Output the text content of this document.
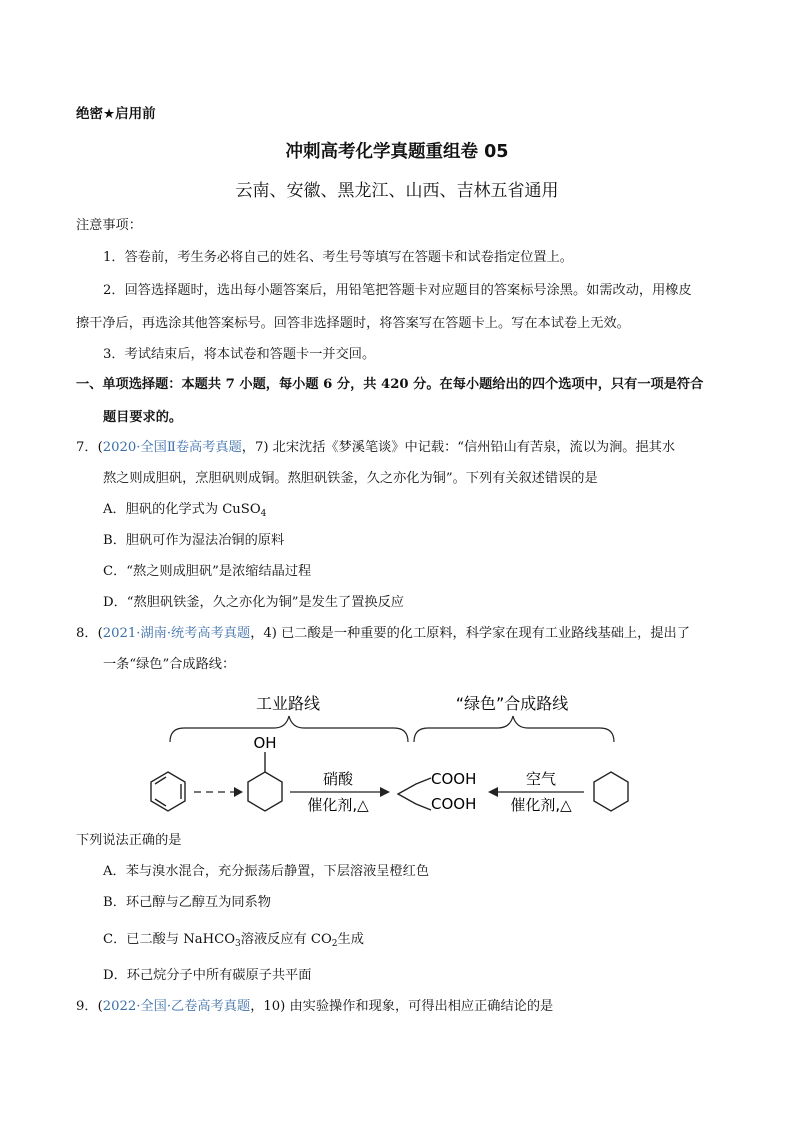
绝密★启用前
冲刺高考化学真题重组卷 05
云南、安徽、黑龙江、山西、吉林五省通用
注意事项：
1．答卷前，考生务必将自己的姓名、考生号等填写在答题卡和试卷指定位置上。
2．回答选择题时，选出每小题答案后，用铅笔把答题卡对应题目的答案标号涂黑。如需改动，用橡皮
擦干净后，再选涂其他答案标号。回答非选择题时，将答案写在答题卡上。写在本试卷上无效。
3．考试结束后，将本试卷和答题卡一并交回。
一、单项选择题：本题共 7 小题，每小题 6 分，共 420 分。在每小题给出的四个选项中，只有一项是符合
题目要求的。
7．(2020·全国Ⅱ卷高考真题，7) 北宋沈括《梦溪笔谈》中记载：“信州铅山有苦泉，流以为涧。挹其水
熬之则成胆矾，烹胆矾则成铜。熬胆矾铁釜，久之亦化为铜”。下列有关叙述错误的是
A．胆矾的化学式为 CuSO$_4$
B．胆矾可作为湿法冶铜的原料
C．“熬之则成胆矾”是浓缩结晶过程
D．“熬胆矾铁釜，久之亦化为铜”是发生了置换反应
8．(2021·湖南·统考高考真题，4) 已二酸是一种重要的化工原料，科学家在现有工业路线基础上，提出了
一条“绿色”合成路线：
工业路线	“绿色”合成路线
OH
硝酸
催化剂,△
COOH
COOH
空气
催化剂,△
下列说法正确的是
A．苯与溴水混合，充分振荡后静置，下层溶液呈橙红色
B．环己醇与乙醇互为同系物
C．已二酸与 NaHCO$_3$溶液反应有 $CO_2$生成
D．环己烷分子中所有碳原子共平面
9．(2022·全国·乙卷高考真题，10) 由实验操作和现象，可得出相应正确结论的是
